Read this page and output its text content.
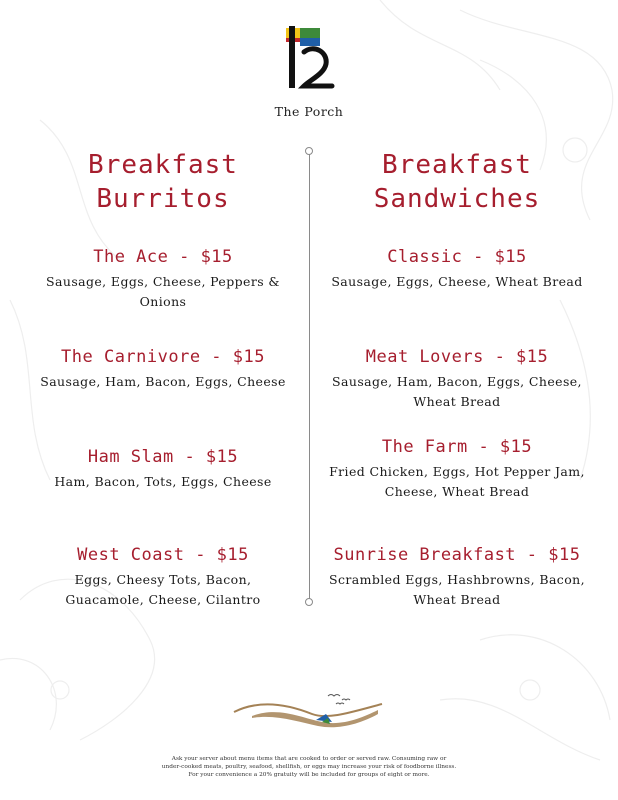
The Porch
Breakfast
Burritos
The Ace - $15
Sausage, Eggs, Cheese, Peppers & Onions
The Carnivore - $15
Sausage, Ham, Bacon, Eggs, Cheese
Ham Slam - $15
Ham, Bacon, Tots, Eggs, Cheese
West Coast - $15
Eggs, Cheesy Tots, Bacon, Guacamole, Cheese, Cilantro
Breakfast
Sandwiches
Classic - $15
Sausage, Eggs, Cheese, Wheat Bread
Meat Lovers - $15
Sausage, Ham, Bacon, Eggs, Cheese, Wheat Bread
The Farm - $15
Fried Chicken, Eggs, Hot Pepper Jam, Cheese, Wheat Bread
Sunrise Breakfast - $15
Scrambled Eggs, Hashbrowns, Bacon, Wheat Bread
Ask your server about menu items that are cooked to order or served raw. Consuming raw or
under-cooked meats, poultry, seafood, shellfish, or eggs may increase your risk of foodborne illness.
For your convenience a 20% gratuity will be included for groups of eight or more.
